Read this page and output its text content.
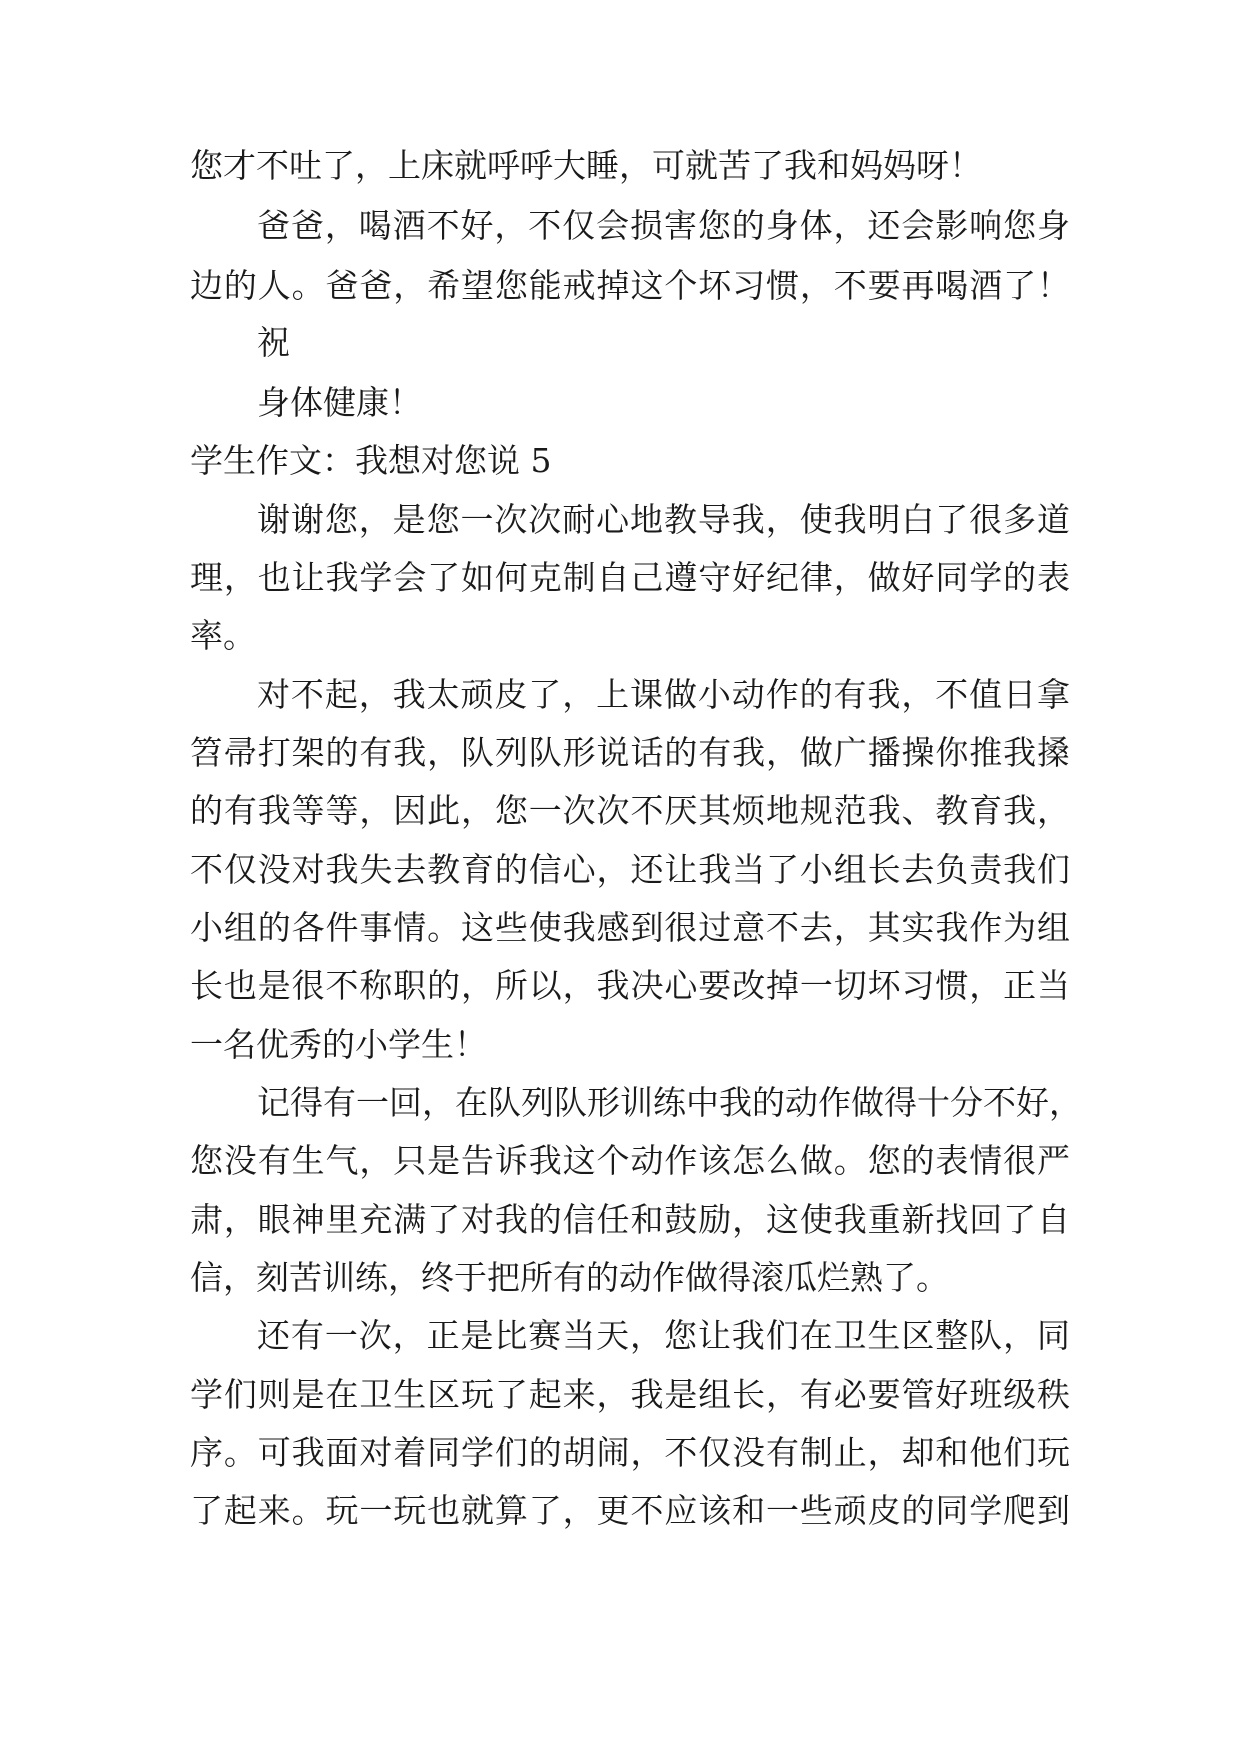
您才不吐了，上床就呼呼大睡，可就苦了我和妈妈呀！
爸爸，喝酒不好，不仅会损害您的身体，还会影响您身
边的人。爸爸，希望您能戒掉这个坏习惯，不要再喝酒了！
祝
身体健康！
学生作文：我想对您说 5
谢谢您，是您一次次耐心地教导我，使我明白了很多道
理，也让我学会了如何克制自己遵守好纪律，做好同学的表
率。
对不起，我太顽皮了，上课做小动作的有我，不值日拿
笤帚打架的有我，队列队形说话的有我，做广播操你推我搡
的有我等等，因此，您一次次不厌其烦地规范我、教育我，
不仅没对我失去教育的信心，还让我当了小组长去负责我们
小组的各件事情。这些使我感到很过意不去，其实我作为组
长也是很不称职的，所以，我决心要改掉一切坏习惯，正当
一名优秀的小学生！
记得有一回，在队列队形训练中我的动作做得十分不好，
您没有生气，只是告诉我这个动作该怎么做。您的表情很严
肃，眼神里充满了对我的信任和鼓励，这使我重新找回了自
信，刻苦训练，终于把所有的动作做得滚瓜烂熟了。
还有一次，正是比赛当天，您让我们在卫生区整队，同
学们则是在卫生区玩了起来，我是组长，有必要管好班级秩
序。可我面对着同学们的胡闹，不仅没有制止，却和他们玩
了起来。玩一玩也就算了，更不应该和一些顽皮的同学爬到
